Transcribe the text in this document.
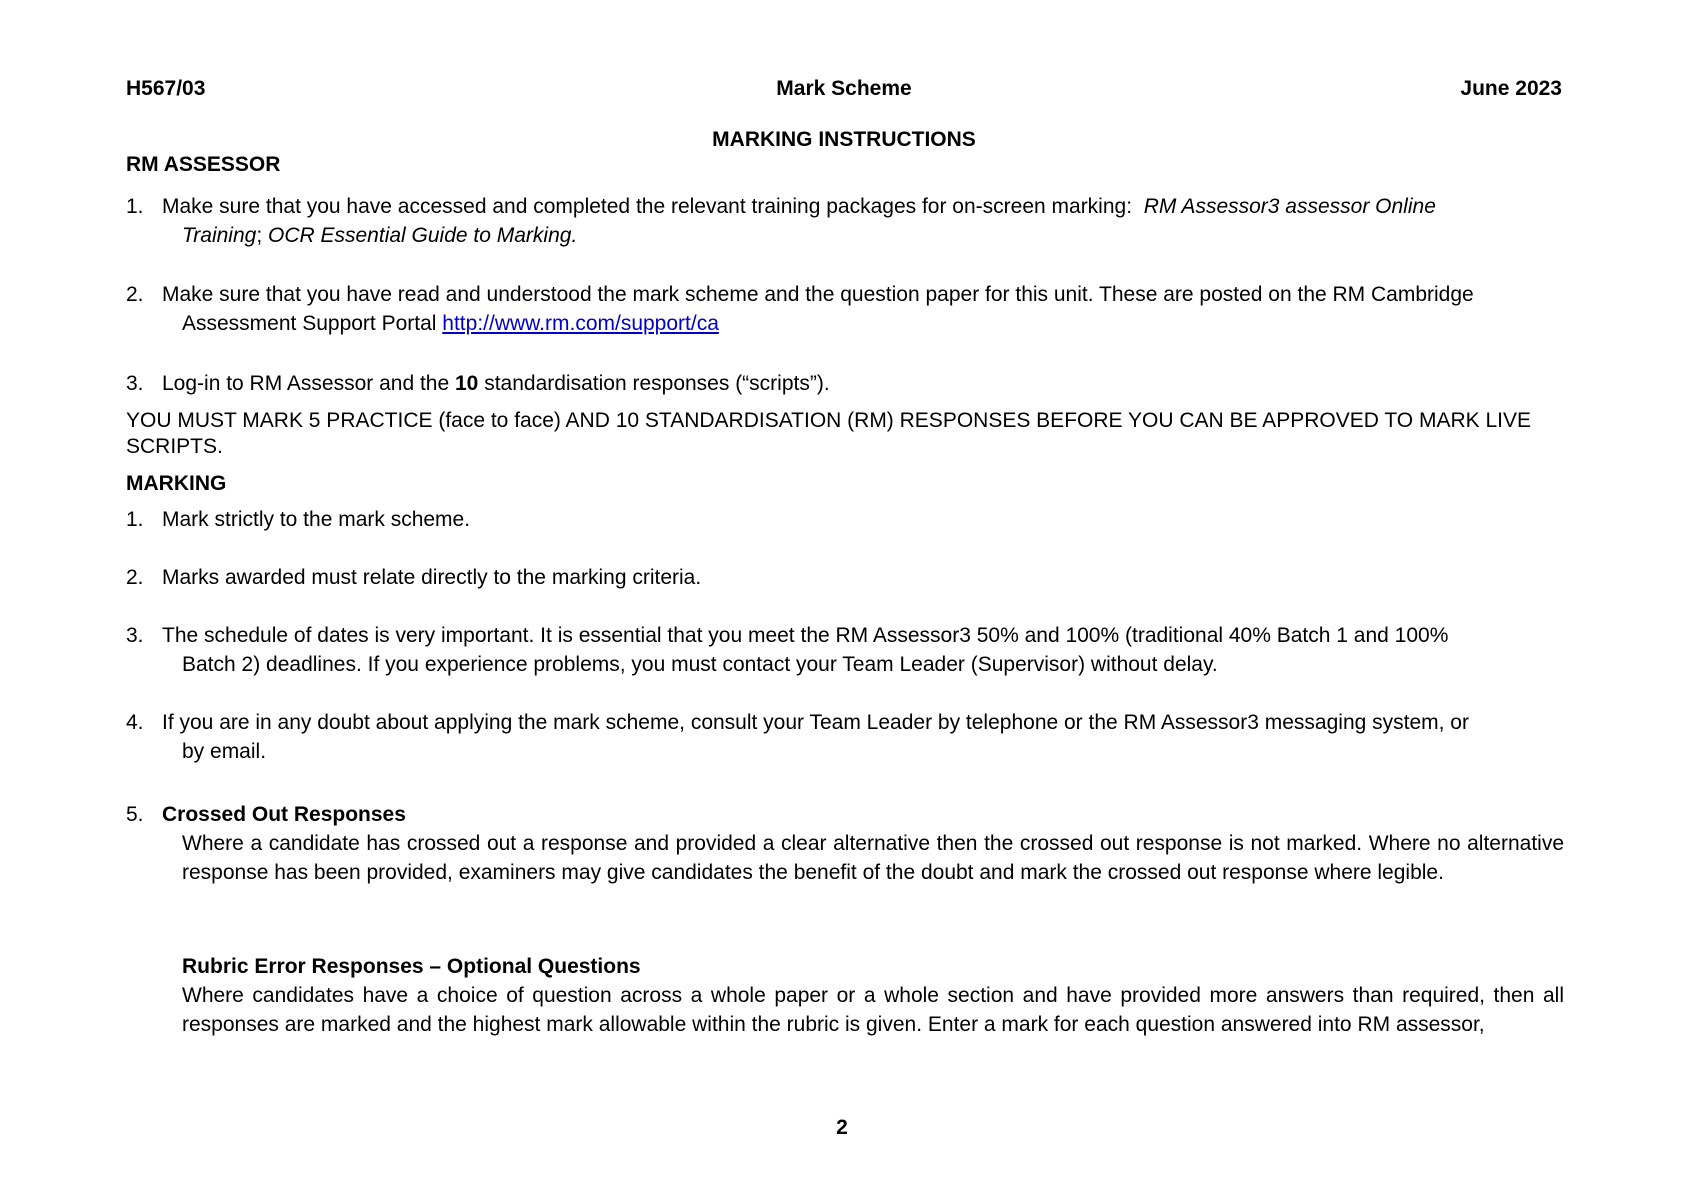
H567/03	Mark Scheme	June 2023
MARKING INSTRUCTIONS
RM ASSESSOR
1. Make sure that you have accessed and completed the relevant training packages for on-screen marking: RM Assessor3 assessor Online
Training; OCR Essential Guide to Marking.
2. Make sure that you have read and understood the mark scheme and the question paper for this unit. These are posted on the RM Cambridge
Assessment Support Portal http://www.rm.com/support/ca
3. Log-in to RM Assessor and the 10 standardisation responses (“scripts”).
YOU MUST MARK 5 PRACTICE (face to face) AND 10 STANDARDISATION (RM) RESPONSES BEFORE YOU CAN BE APPROVED TO MARK LIVE SCRIPTS.
MARKING
1. Mark strictly to the mark scheme.
2. Marks awarded must relate directly to the marking criteria.
3. The schedule of dates is very important. It is essential that you meet the RM Assessor3 50% and 100% (traditional 40% Batch 1 and 100%
Batch 2) deadlines. If you experience problems, you must contact your Team Leader (Supervisor) without delay.
4. If you are in any doubt about applying the mark scheme, consult your Team Leader by telephone or the RM Assessor3 messaging system, or
by email.
5. Crossed Out Responses
Where a candidate has crossed out a response and provided a clear alternative then the crossed out response is not marked. Where no alternative response has been provided, examiners may give candidates the benefit of the doubt and mark the crossed out response where legible.
Rubric Error Responses – Optional Questions
Where candidates have a choice of question across a whole paper or a whole section and have provided more answers than required, then all responses are marked and the highest mark allowable within the rubric is given. Enter a mark for each question answered into RM assessor,
2
